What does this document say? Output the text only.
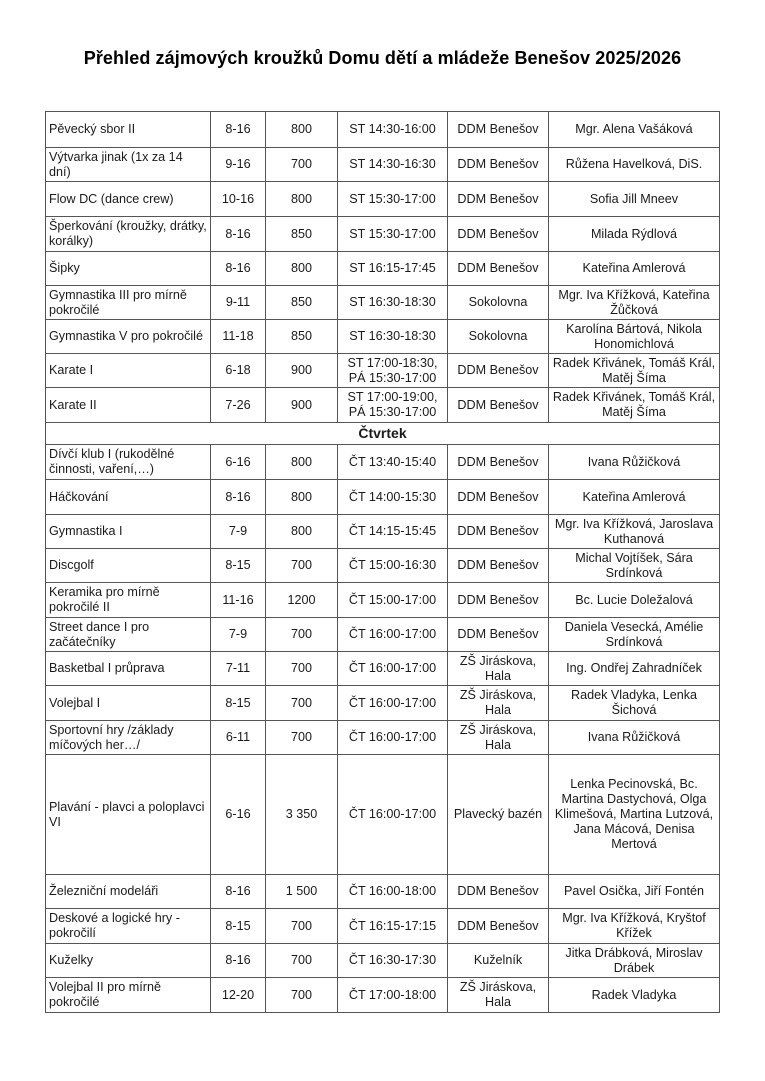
Přehled zájmových kroužků Domu dětí a mládeže Benešov 2025/2026
Pěvecký sbor II	8-16	800	ST 14:30-16:00	DDM Benešov	Mgr. Alena Vašáková
Výtvarka jinak (1x za 14 dní)	9-16	700	ST 14:30-16:30	DDM Benešov	Růžena Havelková, DiS.
Flow DC (dance crew)	10-16	800	ST 15:30-17:00	DDM Benešov	Sofia Jill Mneev
Šperkování (kroužky, drátky, korálky)	8-16	850	ST 15:30-17:00	DDM Benešov	Milada Rýdlová
Šipky	8-16	800	ST 16:15-17:45	DDM Benešov	Kateřina Amlerová
Gymnastika III pro mírně pokročilé	9-11	850	ST 16:30-18:30	Sokolovna	Mgr. Iva Křížková, Kateřina Žůčková
Gymnastika V pro pokročilé	11-18	850	ST 16:30-18:30	Sokolovna	Karolína Bártová, Nikola Honomichlová
Karate I	6-18	900	ST 17:00-18:30, PÁ 15:30-17:00	DDM Benešov	Radek Křivánek, Tomáš Král, Matěj Šíma
Karate II	7-26	900	ST 17:00-19:00, PÁ 15:30-17:00	DDM Benešov	Radek Křivánek, Tomáš Král, Matěj Šíma
Čtvrtek					
Dívčí klub I (rukodělné činnosti, vaření,…)	6-16	800	ČT 13:40-15:40	DDM Benešov	Ivana Růžičková
Háčkování	8-16	800	ČT 14:00-15:30	DDM Benešov	Kateřina Amlerová
Gymnastika I	7-9	800	ČT 14:15-15:45	DDM Benešov	Mgr. Iva Křížková, Jaroslava Kuthanová
Discgolf	8-15	700	ČT 15:00-16:30	DDM Benešov	Michal Vojtíšek, Sára Srdínková
Keramika pro mírně pokročilé II	11-16	1200	ČT 15:00-17:00	DDM Benešov	Bc. Lucie Doležalová
Street dance I pro začátečníky	7-9	700	ČT 16:00-17:00	DDM Benešov	Daniela Vesecká, Amélie Srdínková
Basketbal I průprava	7-11	700	ČT 16:00-17:00	ZŠ Jiráskova, Hala	Ing. Ondřej Zahradníček
Volejbal I	8-15	700	ČT 16:00-17:00	ZŠ Jiráskova, Hala	Radek Vladyka, Lenka Šichová
Sportovní hry /základy míčových her…/	6-11	700	ČT 16:00-17:00	ZŠ Jiráskova, Hala	Ivana Růžičková
Plavání - plavci a poloplavci VI	6-16	3 350	ČT 16:00-17:00	Plavecký bazén	Lenka Pecinovská, Bc. Martina Dastychová, Olga Klimešová, Martina Lutzová, Jana Mácová, Denisa Mertová
Železniční modeláři	8-16	1 500	ČT 16:00-18:00	DDM Benešov	Pavel Osička, Jiří Fontén
Deskové a logické hry - pokročilí	8-15	700	ČT 16:15-17:15	DDM Benešov	Mgr. Iva Křížková, Kryštof Křížek
Kuželky	8-16	700	ČT 16:30-17:30	Kuželník	Jitka Drábková, Miroslav Drábek
Volejbal II pro mírně pokročilé	12-20	700	ČT 17:00-18:00	ZŠ Jiráskova, Hala	Radek Vladyka
